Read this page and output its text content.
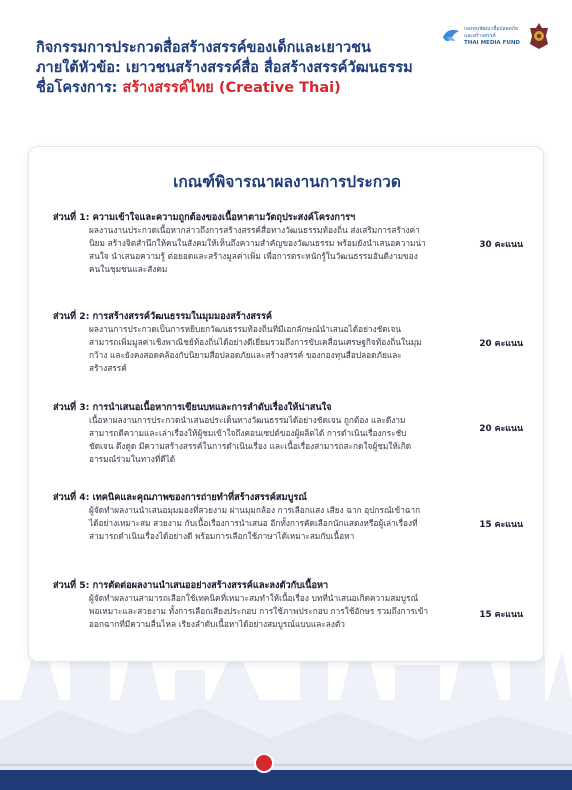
กิจกรรมการประกวดสื่อสร้างสรรค์ของเด็กและเยาวชน
ภายใต้หัวข้อ: เยาวชนสร้างสรรค์สื่อ สื่อสร้างสรรค์วัฒนธรรม
ชื่อโครงการ: สร้างสรรค์ไทย (Creative Thai)
กองทุนพัฒนาสื่อปลอดภัย
และสร้างสรรค์
THAI MEDIA FUND
เกณฑ์พิจารณาผลงานการประกวด
ส่วนที่ 1: ความเข้าใจและความถูกต้องของเนื้อหาตามวัตถุประสงค์โครงการฯ
ผลงานงานประกวดเนื้อหากล่าวถึงการสร้างสรรค์สื่อทางวัฒนธรรมท้องถิ่น ส่งเสริมการสร้างค่านิยม สร้างจิตสำนึกให้คนในสังคมให้เห็นถึงความสำคัญของวัฒนธรรม พร้อมยังนำเสนอความน่าสนใจ นำเสนอความรู้ ต่อยอดและสร้างมูลค่าเพิ่ม เพื่อการตระหนักรู้ในวัฒนธรรมอันดีงามของคนในชุมชนและสังคม
30 คะแนน
ส่วนที่ 2: การสร้างสรรค์วัฒนธรรมในมุมมองสร้างสรรค์
ผลงานการประกวดเป็นการหยิบยกวัฒนธรรมท้องถิ่นที่มีเอกลักษณ์นำเสนอได้อย่างชัดเจน สามารถเพิ่มมูลค่าเชิงพาณิชย์ท้องถิ่นได้อย่างดีเยี่ยมรวมถึงการขับเคลื่อนเศรษฐกิจท้องถิ่นในมุมกว้าง และยังคงสอดคล้องกับนิยามสื่อปลอดภัยและสร้างสรรค์ ของกองทุนสื่อปลอดภัยและสร้างสรรค์
20 คะแนน
ส่วนที่ 3: การนำเสนอเนื้อหาการเขียนบทและการลำดับเรื่องให้น่าสนใจ
เนื้อหาผลงานการประกวดนำเสนอประเด็นทางวัฒนธรรมได้อย่างชัดเจน ถูกต้อง และดีงาม สามารถดีความและเล่าเรื่องให้ผู้ชมเข้าใจถึงคอนเซปต์ของผู้ผลิตได้ การดำเนินเรื่องกระชับ ชัดเจน ดึงดูด มีความสร้างสรรค์ในการดำเนินเรื่อง และเนื้อเรื่องสามารถสะกดใจผู้ชมให้เกิดอารมณ์ร่วมในทางที่ดีได้
20 คะแนน
ส่วนที่ 4: เทคนิคและคุณภาพของการถ่ายทำที่สร้างสรรค์สมบูรณ์
ผู้จัดทำผลงานนำเสนอมุมมองที่สวยงาม ผ่านมุมกล้อง การเลือกแสง เสียง ฉาก อุปกรณ์เข้าฉาก ได้อย่างเหมาะสม สวยงาม กับเนื้อเรื่องการนำเสนอ อีกทั้งการคัดเลือกนักแสดงหรือผู้เล่าเรื่องที่สามารถดำเนินเรื่องได้อย่างดี พร้อมการเลือกใช้ภาษาได้เหมาะสมกับเนื้อหา
15 คะแนน
ส่วนที่ 5: การตัดต่อผลงานนำเสนออย่างสร้างสรรค์และลงตัวกับเนื้อหา
ผู้จัดทำผลงานสามารถเลือกใช้เทคนิคที่เหมาะสมทำให้เนื้อเรื่อง บทที่นำเสนอเกิดความสมบูรณ์ พอเหมาะและสวยงาม ทั้งการเลือกเสียงประกอบ การใช้ภาพประกอบ การใช้อักษร รวมถึงการเข้าออกฉากที่มีความลื่นไหล เรียงลำดับเนื้อหาได้อย่างสมบูรณ์แบบและลงตัว
15 คะแนน
